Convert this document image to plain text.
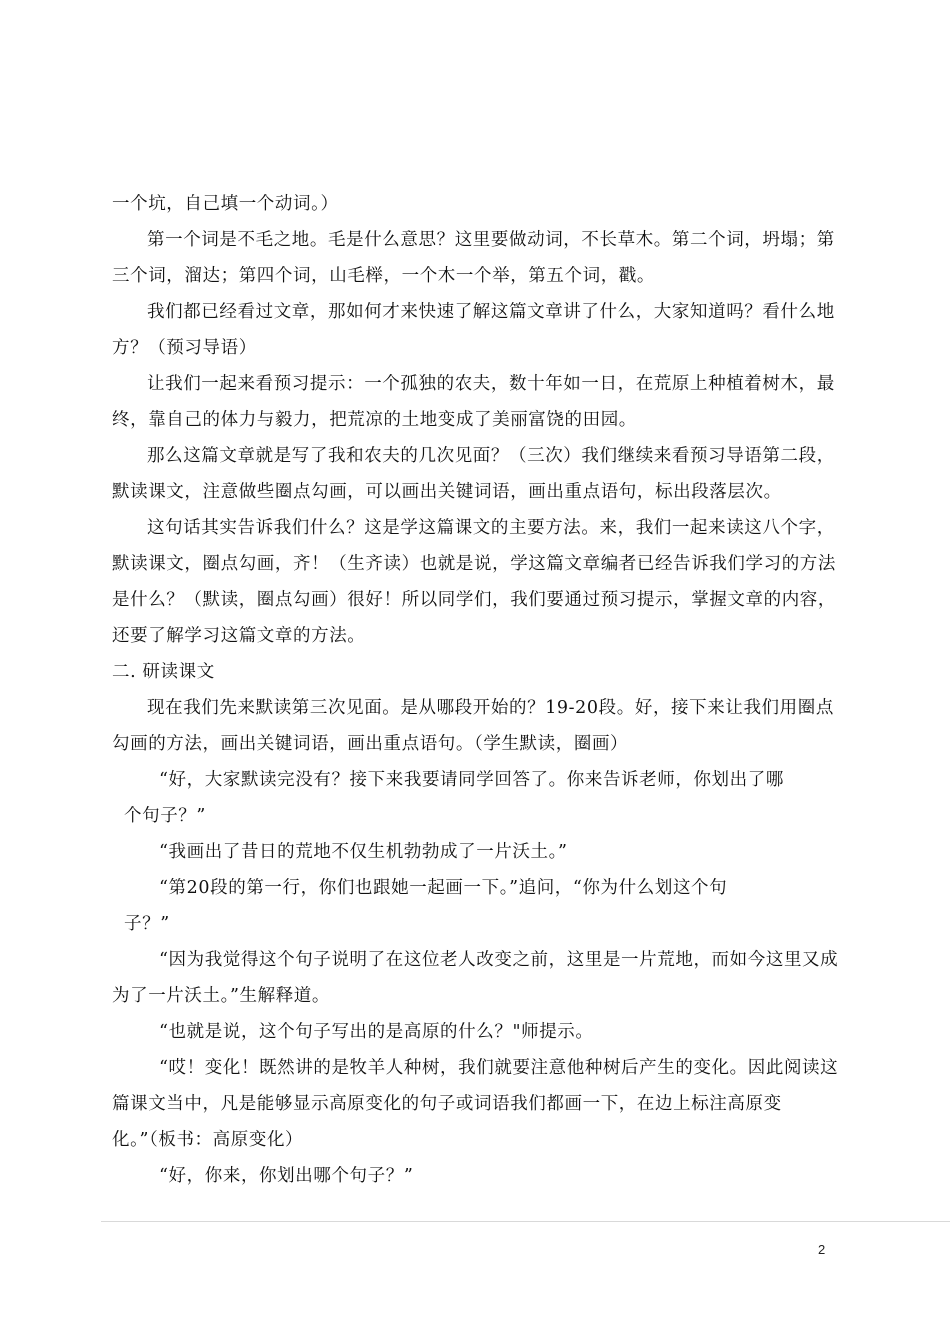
一个坑，自己填一个动词。）

第一个词是不毛之地。毛是什么意思？这里要做动词，不长草木。第二个词，坍塌；第三个词，溜达；第四个词，山毛榉，一个木一个举，第五个词，戳。

我们都已经看过文章，那如何才来快速了解这篇文章讲了什么，大家知道吗？看什么地方？（预习导语）

让我们一起来看预习提示：一个孤独的农夫，数十年如一日，在荒原上种植着树木，最终，靠自己的体力与毅力，把荒凉的土地变成了美丽富饶的田园。

那么这篇文章就是写了我和农夫的几次见面？（三次）我们继续来看预习导语第二段，默读课文，注意做些圈点勾画，可以画出关键词语，画出重点语句，标出段落层次。

这句话其实告诉我们什么？这是学这篇课文的主要方法。来，我们一起来读这八个字，默读课文，圈点勾画，齐！（生齐读）也就是说，学这篇文章编者已经告诉我们学习的方法是什么？（默读，圈点勾画）很好！所以同学们，我们要通过预习提示，掌握文章的内容，还要了解学习这篇文章的方法。

二. 研读课文

现在我们先来默读第三次见面。是从哪段开始的？19-20段。好，接下来让我们用圈点勾画的方法，画出关键词语，画出重点语句。（学生默读，圈画）

“好，大家默读完没有？接下来我要请同学回答了。你来告诉老师，你划出了哪
个句子？”

“我画出了昔日的荒地不仅生机勃勃成了一片沃土。”

“第20段的第一行，你们也跟她一起画一下。”追问，“你为什么划这个句
子？”

“因为我觉得这个句子说明了在这位老人改变之前，这里是一片荒地，而如今这里又成为了一片沃土。”生解释道。

“也就是说，这个句子写出的是高原的什么？"师提示。

“哎！变化！既然讲的是牧羊人种树，我们就要注意他种树后产生的变化。因此阅读这篇课文当中，凡是能够显示高原变化的句子或词语我们都画一下，在边上标注高原变化。”（板书：高原变化）

“好，你来，你划出哪个句子？”

2
